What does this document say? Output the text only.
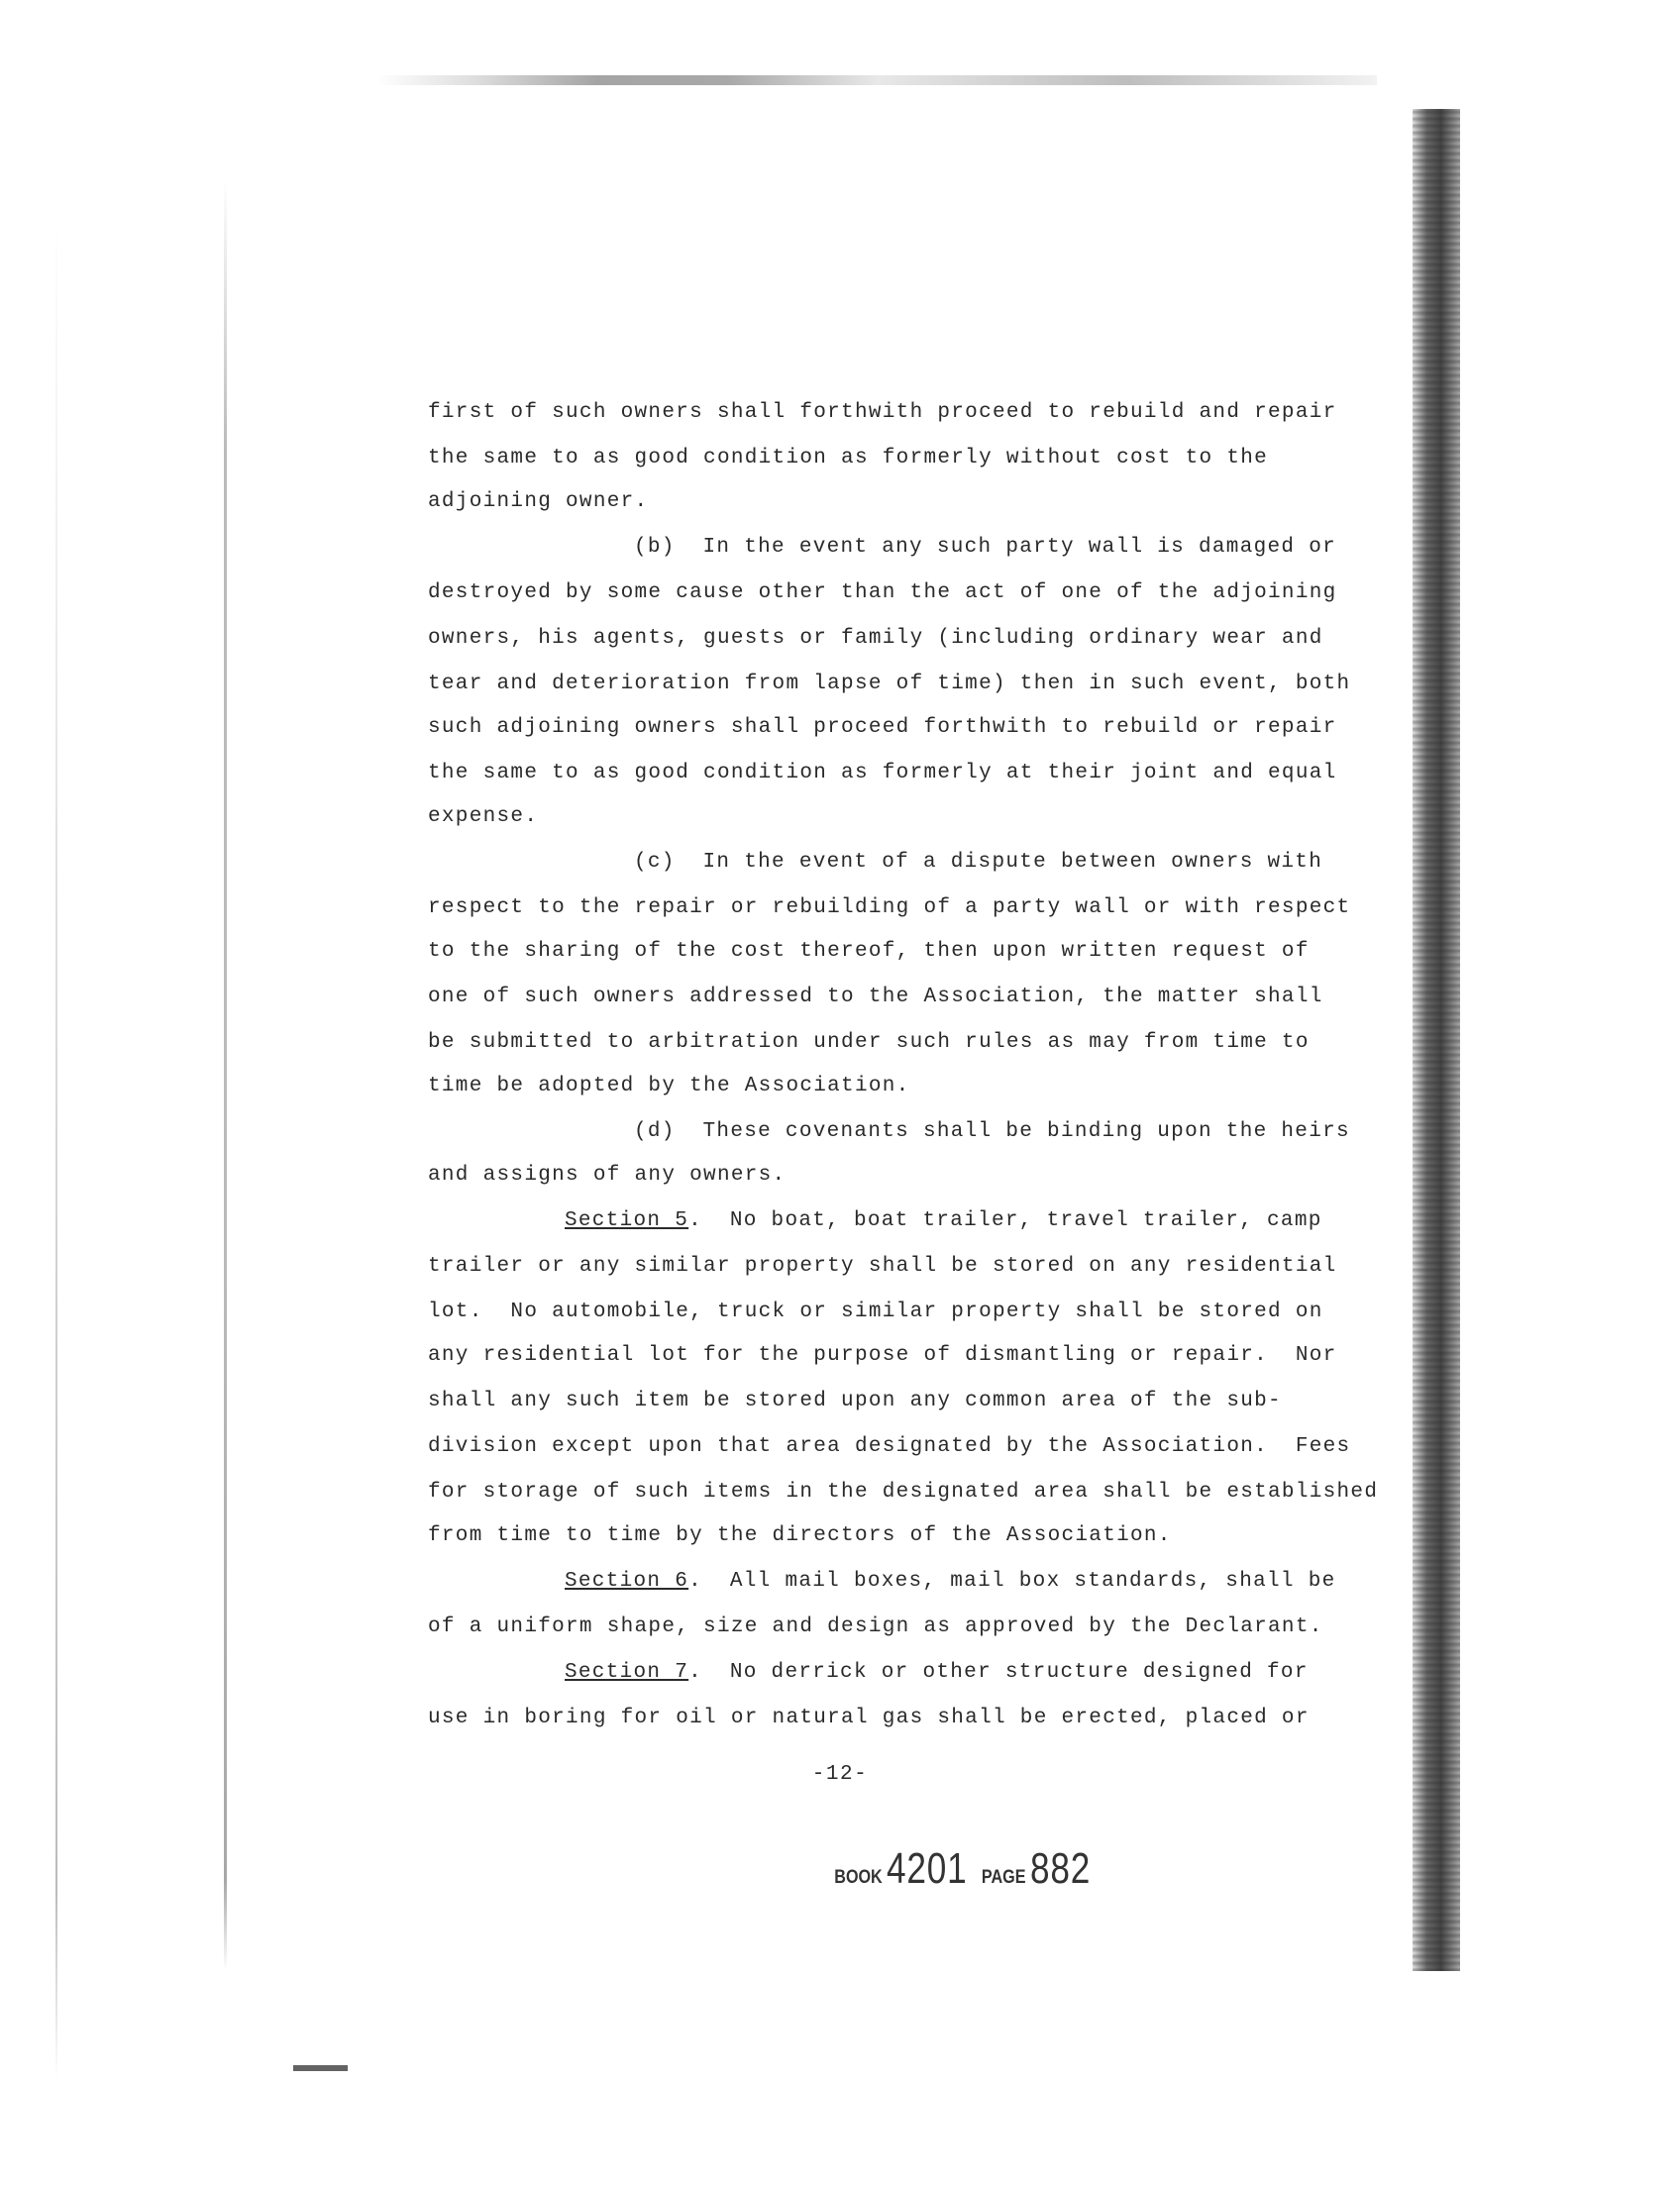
first of such owners shall forthwith proceed to rebuild and repair
the same to as good condition as formerly without cost to the
adjoining owner.
(b)  In the event any such party wall is damaged or
destroyed by some cause other than the act of one of the adjoining
owners, his agents, guests or family (including ordinary wear and
tear and deterioration from lapse of time) then in such event, both
such adjoining owners shall proceed forthwith to rebuild or repair
the same to as good condition as formerly at their joint and equal
expense.
(c)  In the event of a dispute between owners with
respect to the repair or rebuilding of a party wall or with respect
to the sharing of the cost thereof, then upon written request of
one of such owners addressed to the Association, the matter shall
be submitted to arbitration under such rules as may from time to
time be adopted by the Association.
(d)  These covenants shall be binding upon the heirs
and assigns of any owners.
Section 5.  No boat, boat trailer, travel trailer, camp
trailer or any similar property shall be stored on any residential
lot.  No automobile, truck or similar property shall be stored on
any residential lot for the purpose of dismantling or repair.  Nor
shall any such item be stored upon any common area of the sub-
division except upon that area designated by the Association.  Fees
for storage of such items in the designated area shall be established
from time to time by the directors of the Association.
Section 6.  All mail boxes, mail box standards, shall be
of a uniform shape, size and design as approved by the Declarant.
Section 7.  No derrick or other structure designed for
use in boring for oil or natural gas shall be erected, placed or
-12-
BOOK4201 PAGE882
